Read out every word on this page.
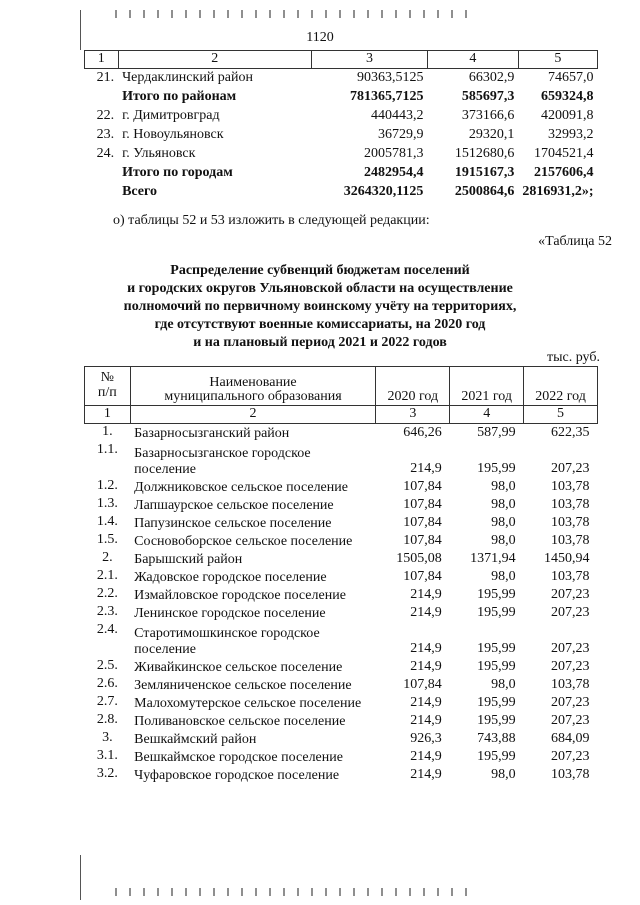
1120
1	2	3	4	5
21.	Чердаклинский район	90363,5125	66302,9	74657,0
	Итого по районам	781365,7125	585697,3	659324,8
22.	г. Димитровград	440443,2	373166,6	420091,8
23.	г. Новоульяновск	36729,9	29320,1	32993,2
24.	г. Ульяновск	2005781,3	1512680,6	1704521,4
	Итого по городам	2482954,4	1915167,3	2157606,4
	Всего	3264320,1125	2500864,6	2816931,2»;
о) таблицы 52 и 53 изложить в следующей редакции:
«Таблица 52
Распределение субвенций бюджетам поселений
и городских округов Ульяновской области на осуществление
полномочий по первичному воинскому учёту на территориях,
где отсутствуют военные комиссариаты, на 2020 год
и на плановый период 2021 и 2022 годов
тыс. руб.
№
п/п	Наименование
муниципального образования	2020 год	2021 год	2022 год
1	2	3	4	5
1.	Базарносызганский район	646,26	587,99	622,35
1.1.	Базарносызганское городское поселение	214,9	195,99	207,23
1.2.	Должниковское сельское поселение	107,84	98,0	103,78
1.3.	Лапшаурское сельское поселение	107,84	98,0	103,78
1.4.	Папузинское сельское поселение	107,84	98,0	103,78
1.5.	Сосновоборское сельское поселение	107,84	98,0	103,78
2.	Барышский район	1505,08	1371,94	1450,94
2.1.	Жадовское городское поселение	107,84	98,0	103,78
2.2.	Измайловское городское поселение	214,9	195,99	207,23
2.3.	Ленинское городское поселение	214,9	195,99	207,23
2.4.	Старотимошкинское городское поселение	214,9	195,99	207,23
2.5.	Живайкинское сельское поселение	214,9	195,99	207,23
2.6.	Земляниченское сельское поселение	107,84	98,0	103,78
2.7.	Малохомутерское сельское поселение	214,9	195,99	207,23
2.8.	Поливановское сельское поселение	214,9	195,99	207,23
3.	Вешкаймский район	926,3	743,88	684,09
3.1.	Вешкаймское городское поселение	214,9	195,99	207,23
3.2.	Чуфаровское городское поселение	214,9	98,0	103,78
